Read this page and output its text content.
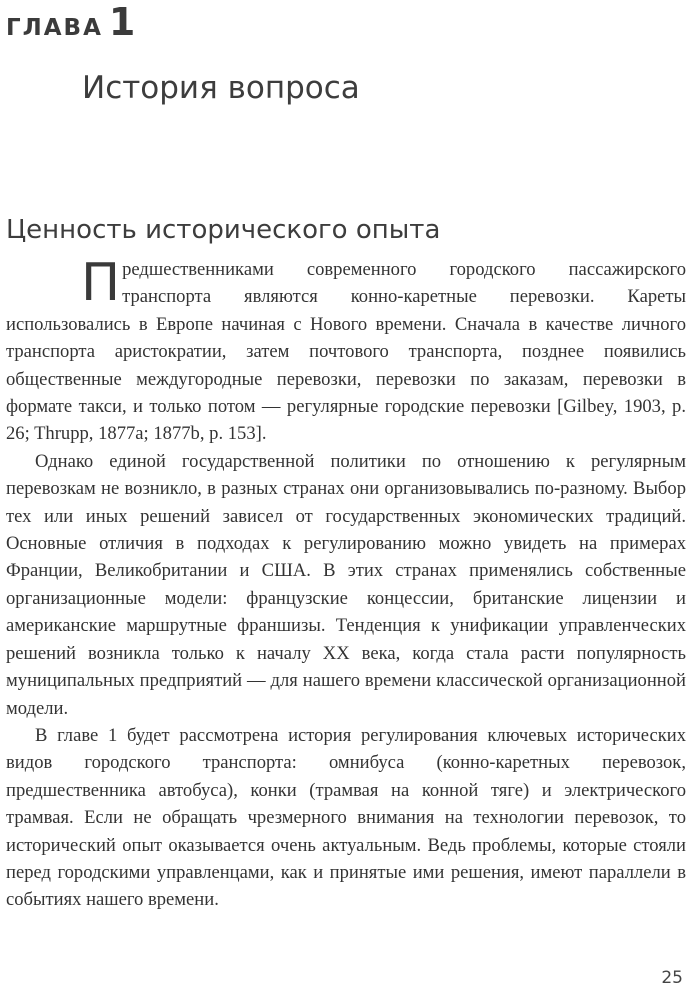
ГЛАВА 1
История вопроса
Ценность исторического опыта

Предшественниками современного городского пассажирского транспорта являются конно-каретные перевозки. Кареты использовались в Европе начиная с Нового времени. Сначала в качестве личного транспорта аристократии, затем почтового транспорта, позднее появились общественные междугородные перевозки, перевозки по заказам, перевозки в формате такси, и только потом — регулярные городские перевозки [Gilbey, 1903, p. 26; Thrupp, 1877a; 1877b, p. 153].

Однако единой государственной политики по отношению к регулярным перевозкам не возникло, в разных странах они организовывались по-разному. Выбор тех или иных решений зависел от государственных экономических традиций. Основные отличия в подходах к регулированию можно увидеть на примерах Франции, Великобритании и США. В этих странах применялись собственные организационные модели: французские концессии, британские лицензии и американские маршрутные франшизы. Тенденция к унификации управленческих решений возникла только к началу XX века, когда стала расти популярность муниципальных предприятий — для нашего времени классической организационной модели.

В главе 1 будет рассмотрена история регулирования ключевых исторических видов городского транспорта: омнибуса (конно-каретных перевозок, предшественника автобуса), конки (трамвая на конной тяге) и электрического трамвая. Если не обращать чрезмерного внимания на технологии перевозок, то исторический опыт оказывается очень актуальным. Ведь проблемы, которые стояли перед городскими управленцами, как и принятые ими решения, имеют параллели в событиях нашего времени.

25
